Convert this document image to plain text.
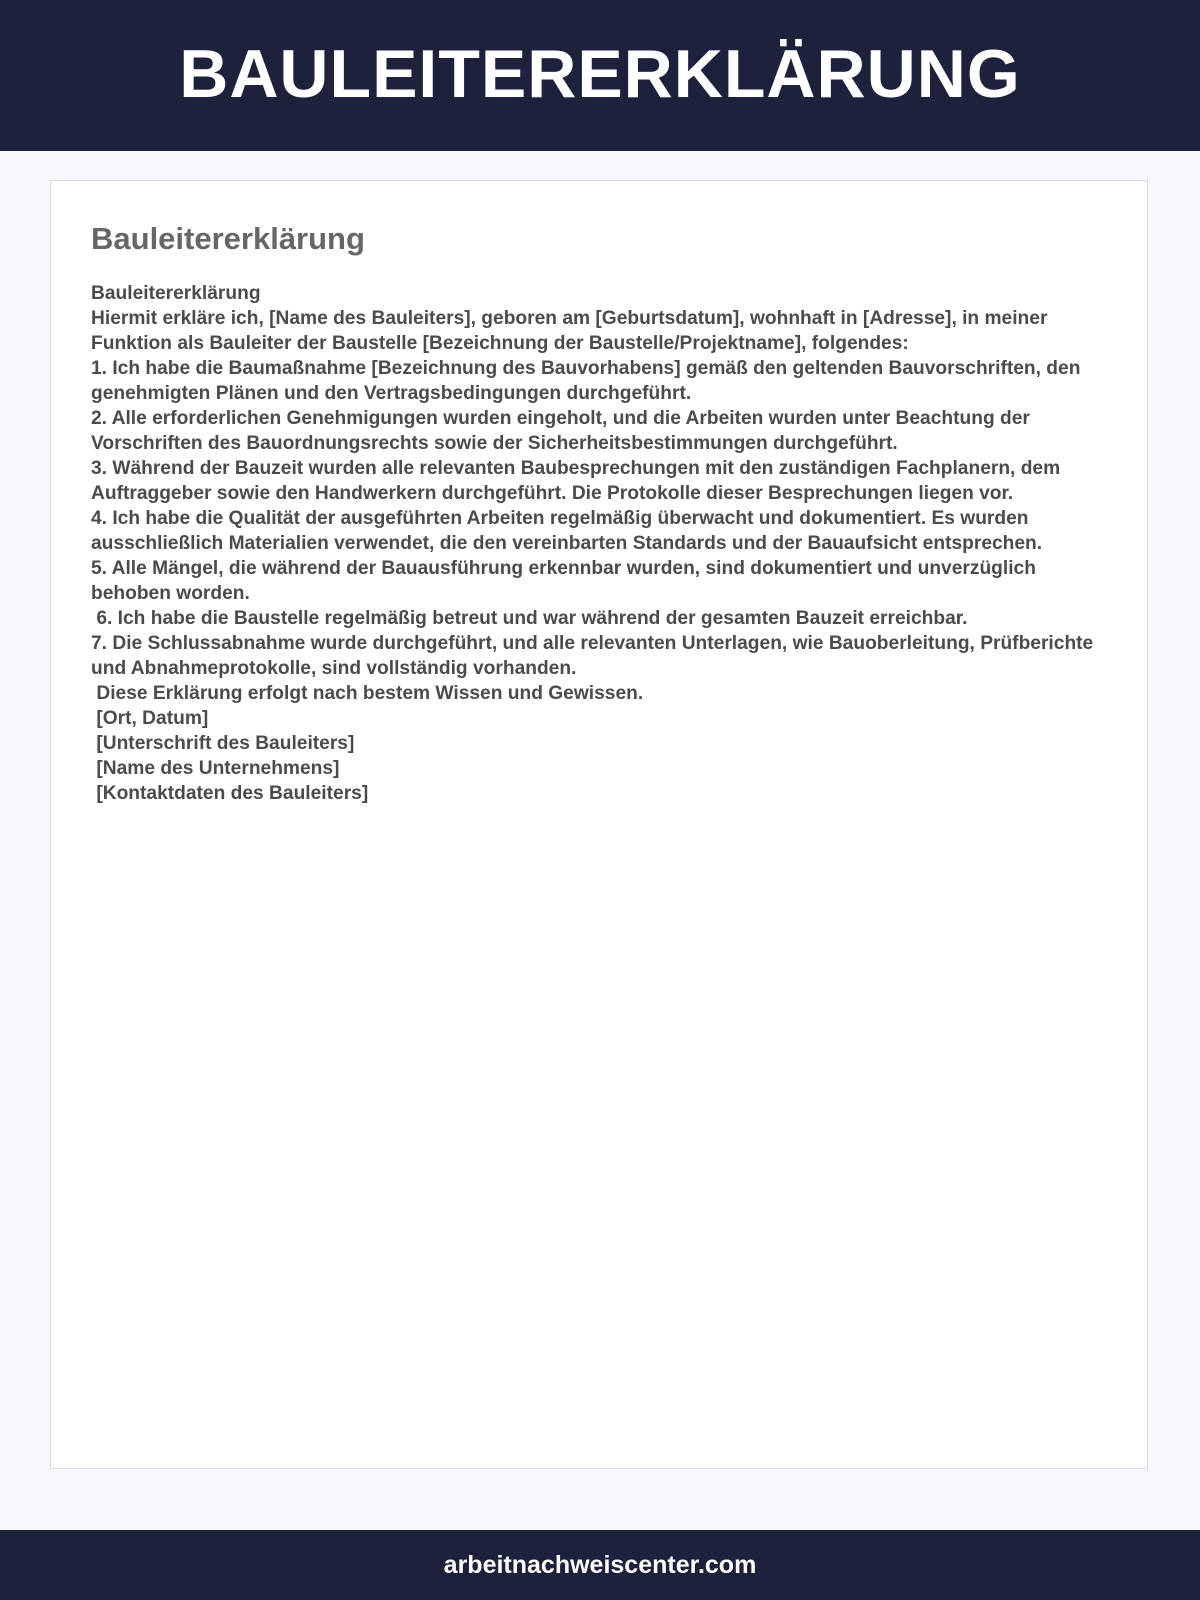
BAULEITERERKLÄRUNG
Bauleitererklärung

Bauleitererklärung

Hiermit erkläre ich, [Name des Bauleiters], geboren am [Geburtsdatum], wohnhaft in [Adresse], in meiner Funktion als Bauleiter der Baustelle [Bezeichnung der Baustelle/Projektname], folgendes:

1. Ich habe die Baumaßnahme [Bezeichnung des Bauvorhabens] gemäß den geltenden Bauvorschriften, den genehmigten Plänen und den Vertragsbedingungen durchgeführt.

2. Alle erforderlichen Genehmigungen wurden eingeholt, und die Arbeiten wurden unter Beachtung der Vorschriften des Bauordnungsrechts sowie der Sicherheitsbestimmungen durchgeführt.

3. Während der Bauzeit wurden alle relevanten Baubesprechungen mit den zuständigen Fachplanern, dem Auftraggeber sowie den Handwerkern durchgeführt. Die Protokolle dieser Besprechungen liegen vor.

4. Ich habe die Qualität der ausgeführten Arbeiten regelmäßig überwacht und dokumentiert. Es wurden ausschließlich Materialien verwendet, die den vereinbarten Standards und der Bauaufsicht entsprechen.

5. Alle Mängel, die während der Bauausführung erkennbar wurden, sind dokumentiert und unverzüglich behoben worden.

6. Ich habe die Baustelle regelmäßig betreut und war während der gesamten Bauzeit erreichbar.

7. Die Schlussabnahme wurde durchgeführt, und alle relevanten Unterlagen, wie Bauoberleitung, Prüfberichte und Abnahmeprotokolle, sind vollständig vorhanden.

Diese Erklärung erfolgt nach bestem Wissen und Gewissen.

[Ort, Datum]

[Unterschrift des Bauleiters]

[Name des Unternehmens]

[Kontaktdaten des Bauleiters]

arbeitnachweiscenter.com
